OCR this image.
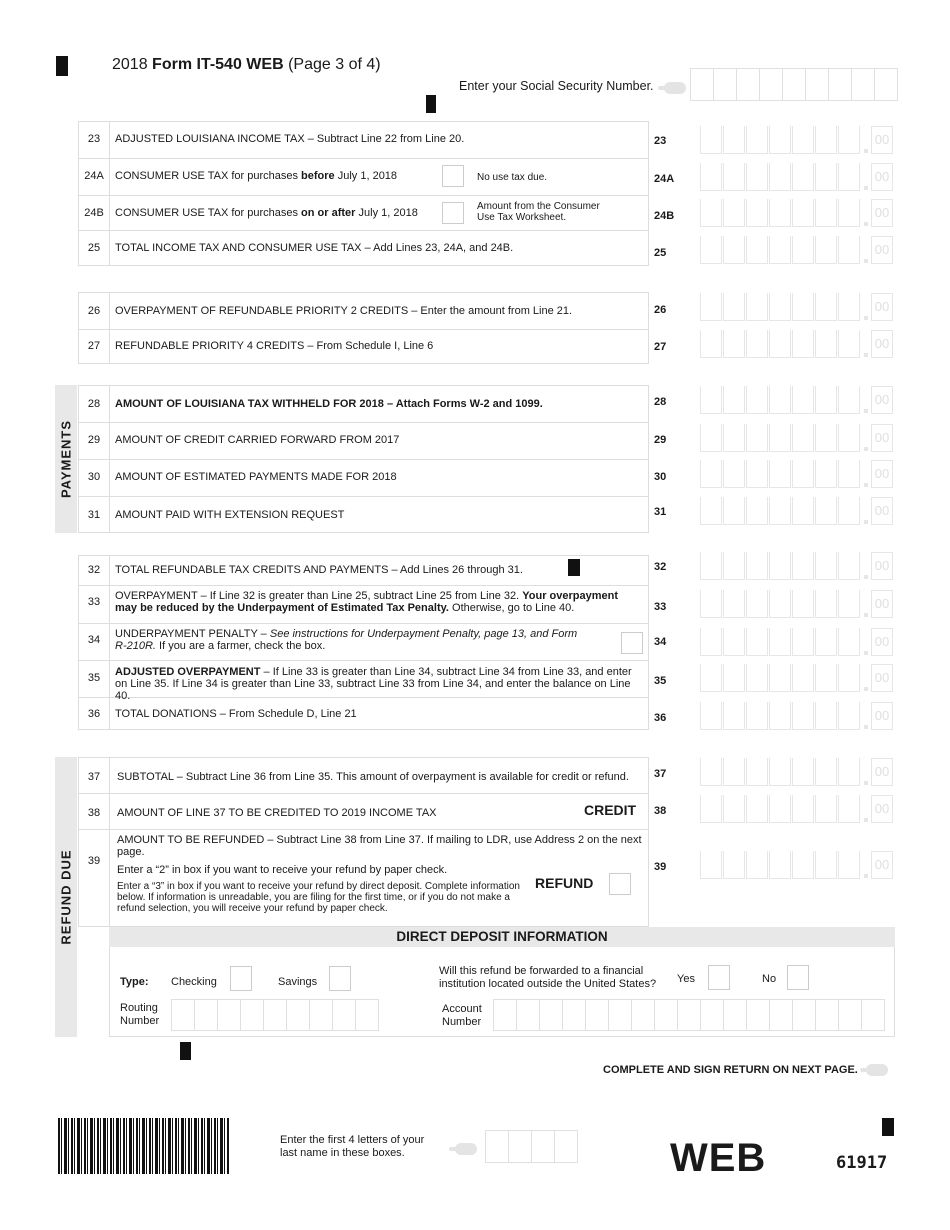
2018 Form IT-540 WEB (Page 3 of 4)
Enter your Social Security Number.
23	ADJUSTED LOUISIANA INCOME TAX – Subtract Line 22 from Line 20.
24A	CONSUMER USE TAX for purchases before July 1, 2018	No use tax due.
24B	CONSUMER USE TAX for purchases on or after July 1, 2018
Amount from the Consumer Use Tax Worksheet.
25	TOTAL INCOME TAX AND CONSUMER USE TAX – Add Lines 23, 24A, and 24B.
26	OVERPAYMENT OF REFUNDABLE PRIORITY 2 CREDITS – Enter the amount from Line 21.
27	REFUNDABLE PRIORITY 4 CREDITS – From Schedule I, Line 6
PAYMENTS
28	AMOUNT OF LOUISIANA TAX WITHHELD FOR 2018 – Attach Forms W-2 and 1099.
29	AMOUNT OF CREDIT CARRIED FORWARD FROM 2017
30	AMOUNT OF ESTIMATED PAYMENTS MADE FOR 2018
31	AMOUNT PAID WITH EXTENSION REQUEST
32	TOTAL REFUNDABLE TAX CREDITS AND PAYMENTS – Add Lines 26 through 31.
33	OVERPAYMENT – If Line 32 is greater than Line 25, subtract Line 25 from Line 32. Your overpayment may be reduced by the Underpayment of Estimated Tax Penalty. Otherwise, go to Line 40.
34	UNDERPAYMENT PENALTY – See instructions for Underpayment Penalty, page 13, and Form R-210R. If you are a farmer, check the box.
35	ADJUSTED OVERPAYMENT – If Line 33 is greater than Line 34, subtract Line 34 from Line 33, and enter on Line 35. If Line 34 is greater than Line 33, subtract Line 33 from Line 34, and enter the balance on Line 40.
36	TOTAL DONATIONS – From Schedule D, Line 21
REFUND DUE
37	SUBTOTAL – Subtract Line 36 from Line 35. This amount of overpayment is available for credit or refund.
38	AMOUNT OF LINE 37 TO BE CREDITED TO 2019 INCOME TAX	CREDIT
39
AMOUNT TO BE REFUNDED – Subtract Line 38 from Line 37. If mailing to LDR, use Address 2 on the next page.
Enter a “2” in box if you want to receive your refund by paper check.
Enter a “3” in box if you want to receive your refund by direct deposit. Complete information below. If information is unreadable, you are filing for the first time, or if you do not make a refund selection, you will receive your refund by paper check.
REFUND
DIRECT DEPOSIT INFORMATION
Type: Checking	Savings
Will this refund be forwarded to a financial institution located outside the United States?	Yes	No
Routing Number
Account Number
23	00
24A	00
24B	00
25	00
26	00
27	00
28	00
29	00
30	00
31	00
32	00
33	00
34	00
35	00
36	00
37	00
38	00
39	00
COMPLETE AND SIGN RETURN ON NEXT PAGE.
Enter the first 4 letters of your last name in these boxes.	WEB	61917
